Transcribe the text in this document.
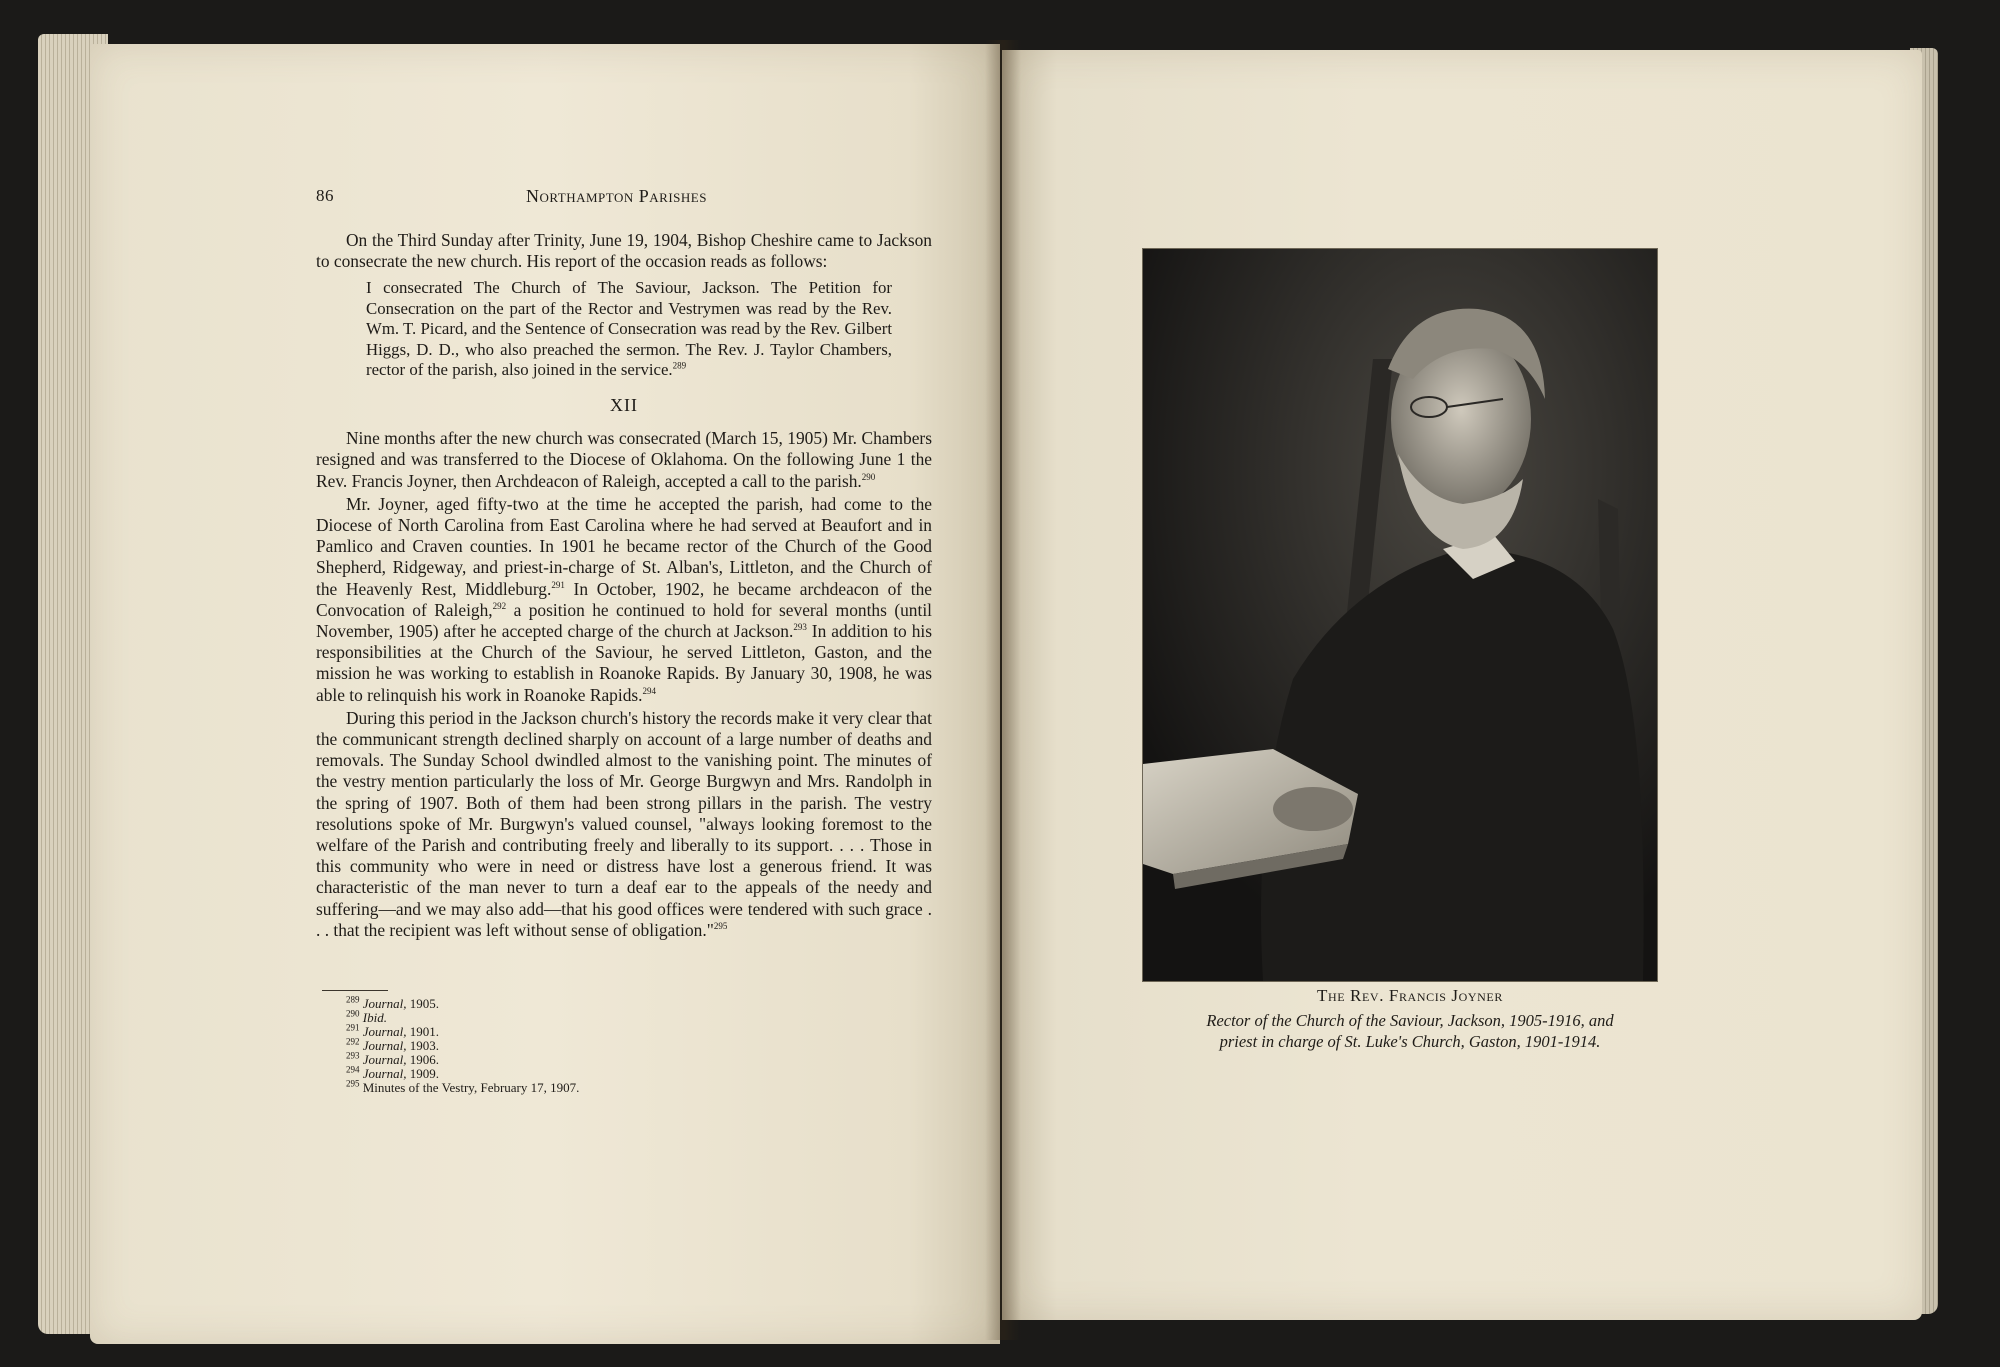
86	Northampton Parishes

On the Third Sunday after Trinity, June 19, 1904, Bishop Cheshire came to Jackson to consecrate the new church. His report of the occasion reads as follows:

I consecrated The Church of The Saviour, Jackson. The Petition for Consecration on the part of the Rector and Vestrymen was read by the Rev. Wm. T. Picard, and the Sentence of Consecration was read by the Rev. Gilbert Higgs, D. D., who also preached the sermon. The Rev. J. Taylor Chambers, rector of the parish, also joined in the service.$^{289}$
XII

Nine months after the new church was consecrated (March 15, 1905) Mr. Chambers resigned and was transferred to the Diocese of Oklahoma. On the following June 1 the Rev. Francis Joyner, then Archdeacon of Raleigh, accepted a call to the parish.$^{290}$

Mr. Joyner, aged fifty-two at the time he accepted the parish, had come to the Diocese of North Carolina from East Carolina where he had served at Beaufort and in Pamlico and Craven counties. In 1901 he became rector of the Church of the Good Shepherd, Ridgeway, and priest-in-charge of St. Alban's, Littleton, and the Church of the Heavenly Rest, Middleburg.$^{291}$ In October, 1902, he became archdeacon of the Convocation of Raleigh,$^{292}$ a position he continued to hold for several months (until November, 1905) after he accepted charge of the church at Jackson.$^{293}$ In addition to his responsibilities at the Church of the Saviour, he served Littleton, Gaston, and the mission he was working to establish in Roanoke Rapids. By January 30, 1908, he was able to relinquish his work in Roanoke Rapids.$^{294}$

During this period in the Jackson church's history the records make it very clear that the communicant strength declined sharply on account of a large number of deaths and removals. The Sunday School dwindled almost to the vanishing point. The minutes of the vestry mention particularly the loss of Mr. George Burgwyn and Mrs. Randolph in the spring of 1907. Both of them had been strong pillars in the parish. The vestry resolutions spoke of Mr. Burgwyn's valued counsel, "always looking foremost to the welfare of the Parish and contributing freely and liberally to its support. . . . Those in this community who were in need or distress have lost a generous friend. It was characteristic of the man never to turn a deaf ear to the appeals of the needy and suffering—and we may also add—that his good offices were tendered with such grace . . . that the recipient was left without sense of obligation."$^{295}$

$^{289}$ Journal, 1905.
$^{290}$ Ibid.
$^{291}$ Journal, 1901.
$^{292}$ Journal, 1903.
$^{293}$ Journal, 1906.
$^{294}$ Journal, 1909.
$^{295}$ Minutes of the Vestry, February 17, 1907.
The Rev. Francis Joyner
Rector of the Church of the Saviour, Jackson, 1905-1916, and
priest in charge of St. Luke's Church, Gaston, 1901-1914.
